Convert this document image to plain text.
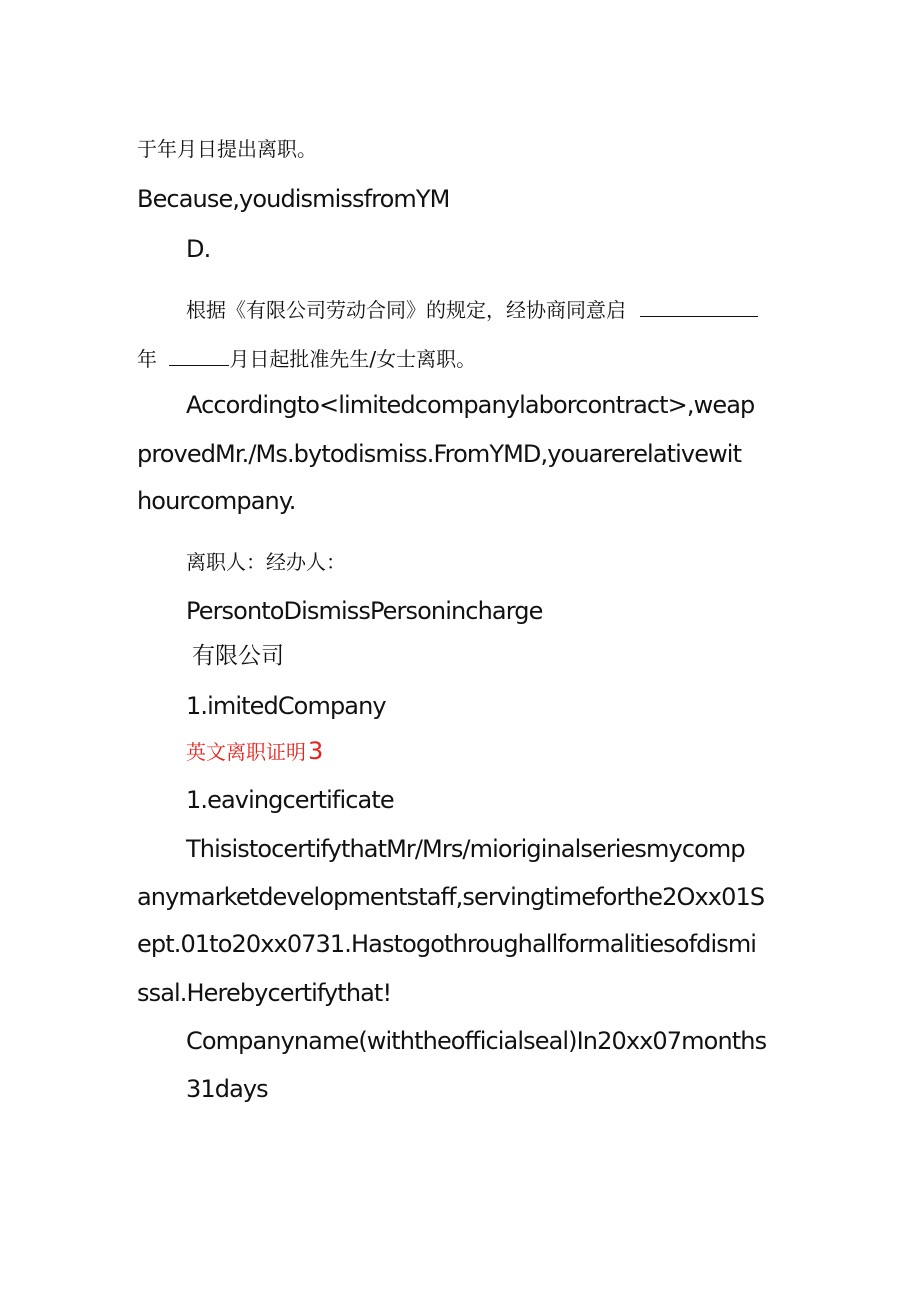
于年月日提出离职。

Because,youdismissfromYM

D.

根据《有限公司劳动合同》的规定，经协商同意启

年	月日起批准先生/女士离职。

Accordingto<limitedcompanylaborcontract>,weap

provedMr./Ms.bytodismiss.FromYMD,youarerelativewit

hourcompany.

离职人：经办人：

PersontoDismissPersonincharge

有限公司

1.imitedCompany

英文离职证明3

1.eavingcertificate

ThisistocertifythatMr/Mrs/mioriginalseriesmycomp

anymarketdevelopmentstaff,servingtimeforthe2Oxx01S

ept.01to20xx0731.Hastogothroughallformalitiesofdismi

ssal.Herebycertifythat!

Companyname(withtheofficialseal)In20xx07months

31days
